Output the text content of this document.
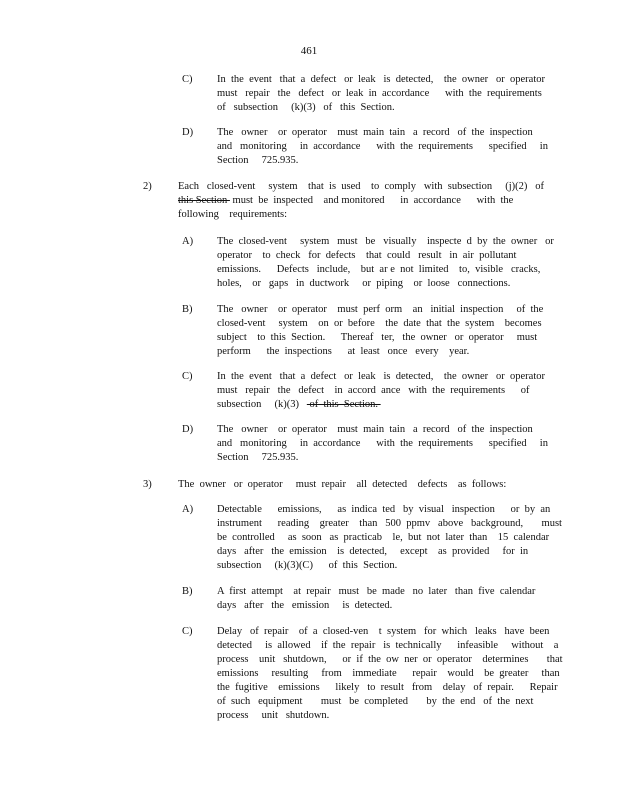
461
C) In  the  event   that  a  defect   or  leak   is  detected,    the  owner   or  operator
must   repair   the   defect   or  leak  in  accordance      with  the  requirements
of   subsection     (k)(3)   of   this  Section.
D) The   owner    or  operator    must  main  tain   a  record   of  the  inspection
and   monitoring     in  accordance      with  the  requirements      specified     in
Section     725.935.
2)	Each   closed-vent     system    that  is  used    to  comply   with  subsection     (j)(2)   of
this Section  must  be  inspected    and monitored      in  accordance      with  the
following    requirements:
A) The  closed-vent     system   must   be   visually    inspecte  d  by  the  owner   or
operator    to  check   for  defects    that  could   result   in  air  pollutant
emissions.      Defects   include,    but  ar e  not  limited    to,  visible   cracks,
holes,    or   gaps   in  ductwork     or  piping    or  loose   connections.
B) The   owner    or  operator    must  perf  orm    an   initial  inspection     of  the
closed-vent     system    on  or  before    the  date  that  the  system    becomes
subject    to  this  Section.      Thereaf   ter,   the  owner   or  operator     must
perform      the  inspections      at  least   once   every    year.
C) In  the  event   that  a  defect   or  leak   is  detected,    the  owner   or  operator
must   repair   the   defect    in  accord  ance   with  the  requirements      of
subsection     (k)(3)    of  this  Section.
D) The   owner    or  operator    must  main  tain   a  record   of  the  inspection
and   monitoring     in  accordance      with  the  requirements      specified     in
Section     725.935.
3)	The  owner   or  operator     must  repair    all  detected    defects    as  follows:
A) Detectable      emissions,      as  indica  ted   by  visual   inspection      or  by  an
instrument      reading    greater    than   500  ppmv   above   background,       must
be  controlled     as  soon   as  practicab    le,  but  not  later  than    15  calendar
days   after   the  emission    is  detected,     except    as  provided     for  in
subsection     (k)(3)(C)      of  this  Section.
B) A  first  attempt    at  repair   must   be  made   no  later   than  five  calendar
days   after   the   emission     is  detected.
C) Delay   of  repair    of  a  closed-ven    t  system   for  which   leaks   have  been
detected     is  allowed    if  the  repair   is  technically      infeasible     without    a
process    unit   shutdown,      or  if  the  ow  ner  or  operator    determines       that
emissions     resulting     from    immediate      repair    would    be  greater     than
the  fugitive    emissions      likely   to  result   from    delay   of  repair.      Repair
of  such   equipment       must   be  completed       by  the  end   of  the  next
process     unit   shutdown.
